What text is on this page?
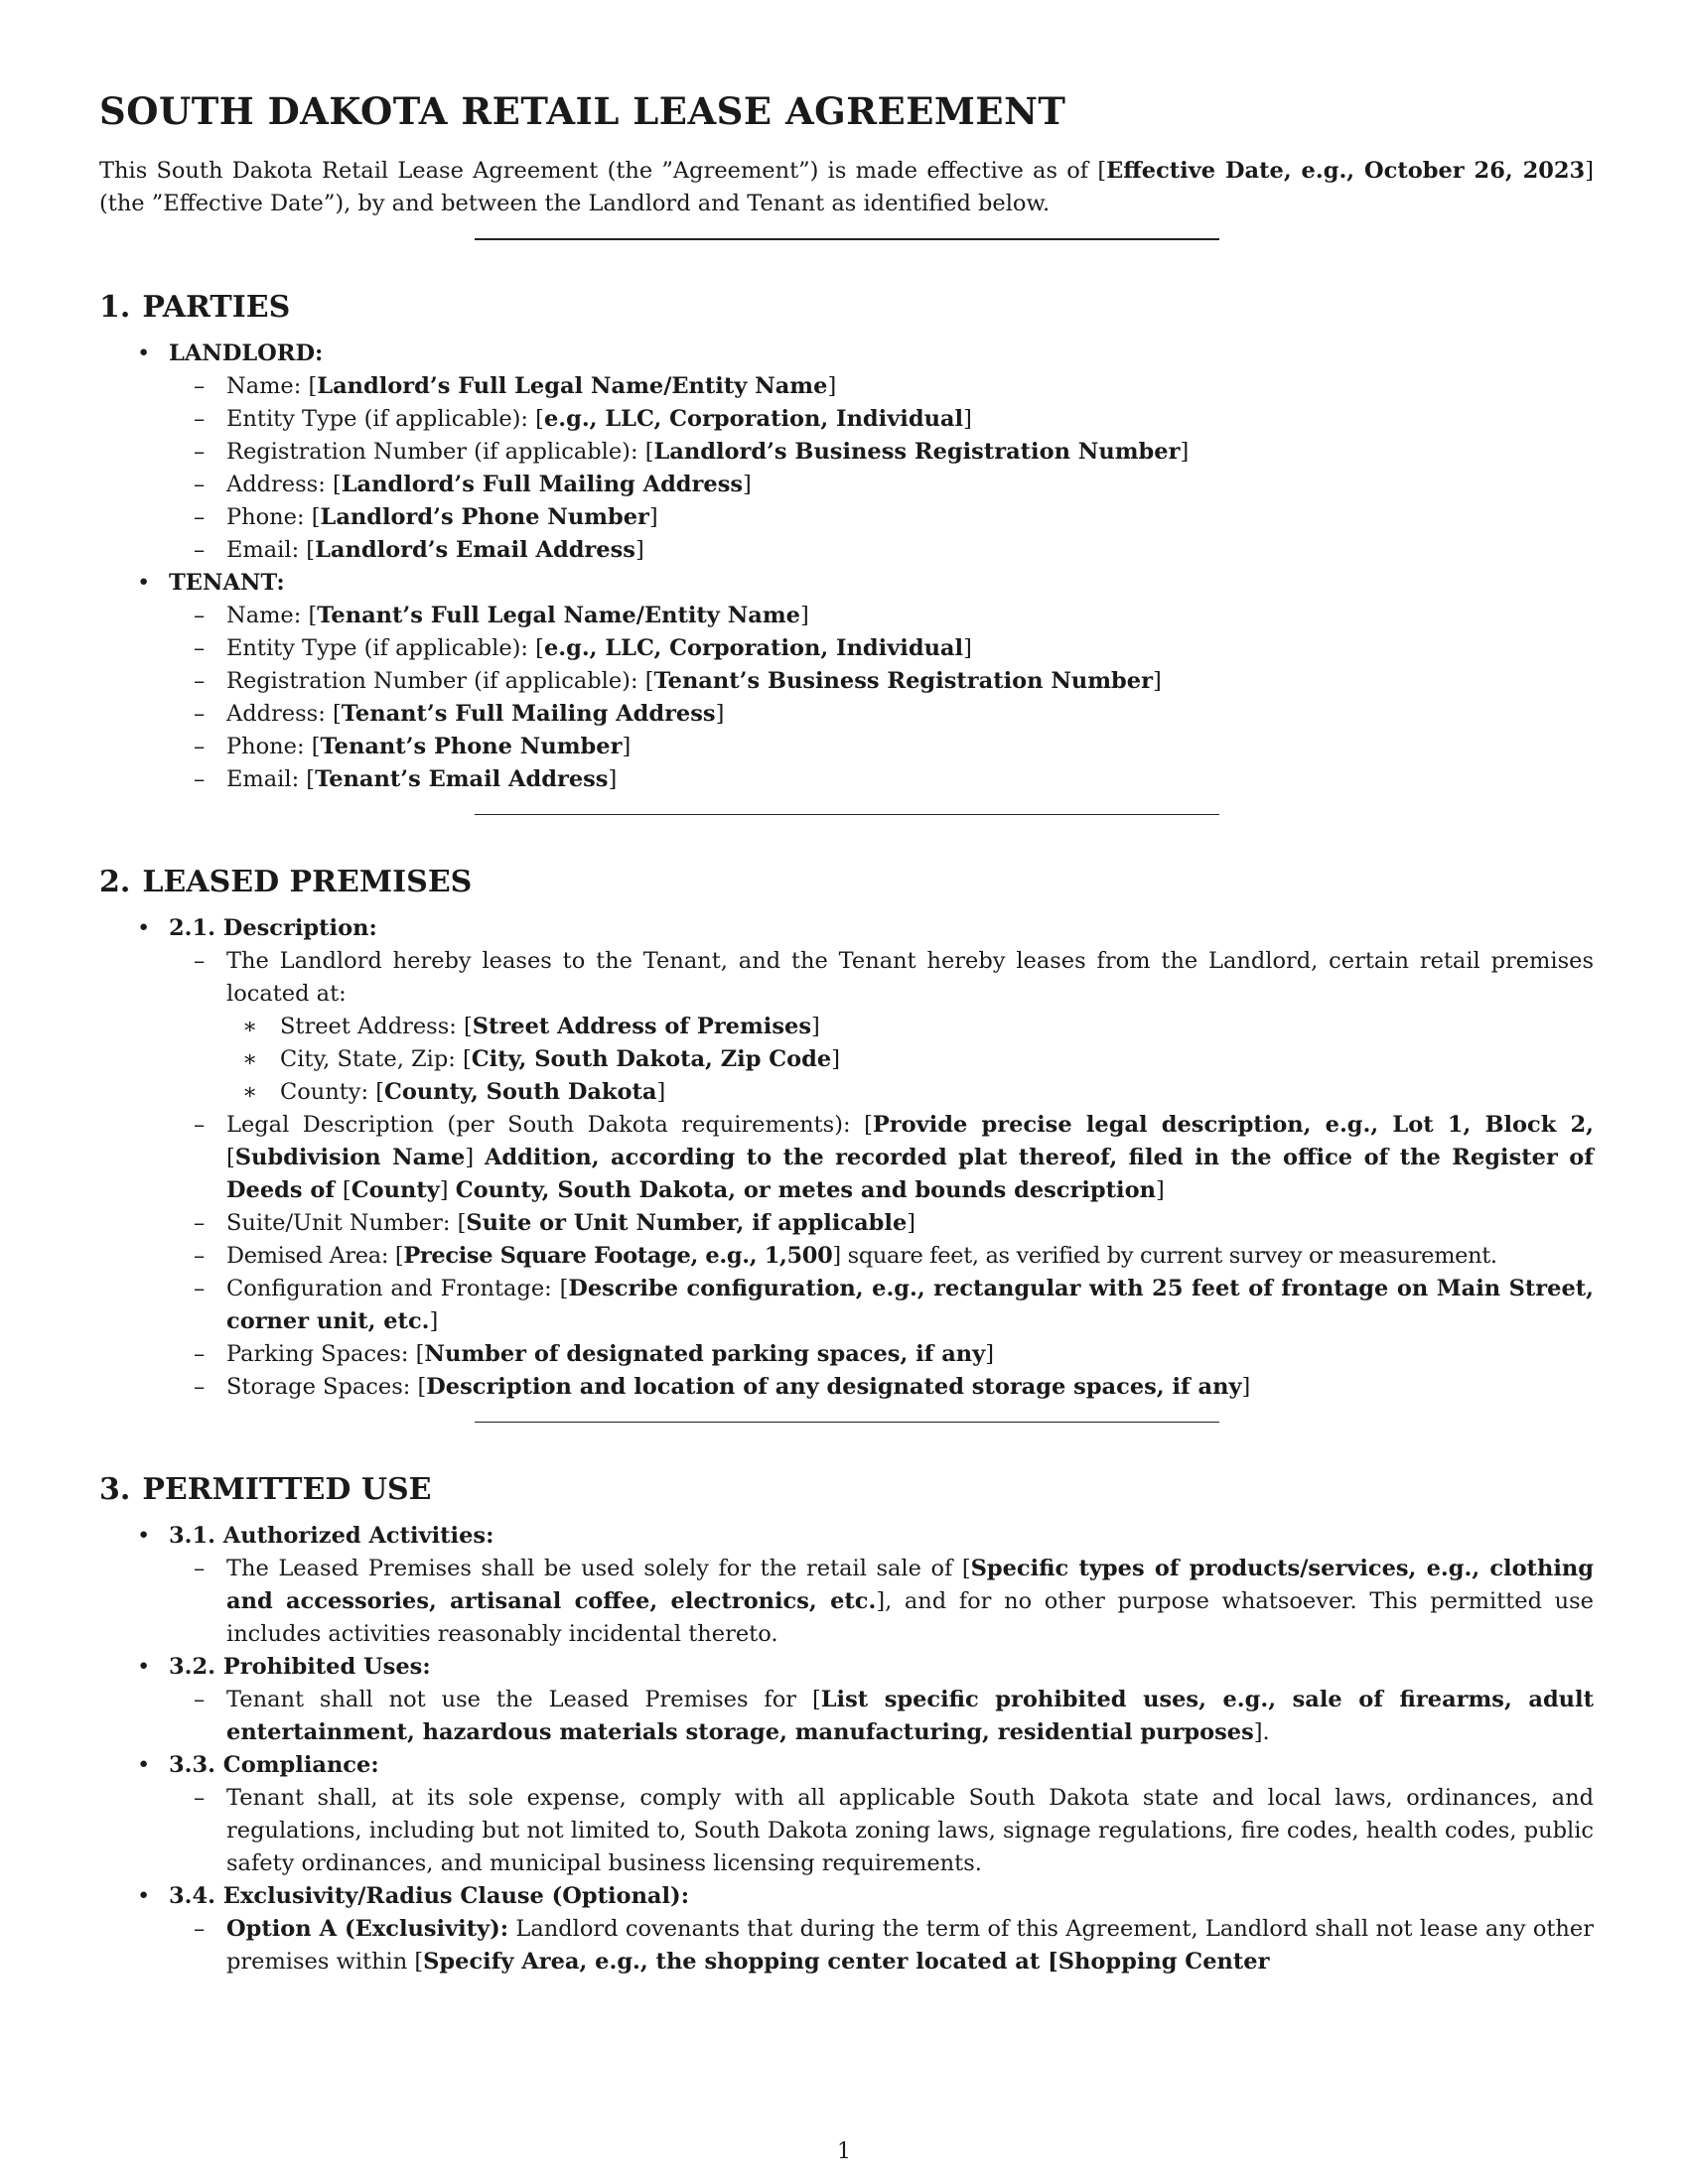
SOUTH DAKOTA RETAIL LEASE AGREEMENT

This South Dakota Retail Lease Agreement (the ”Agreement”) is made effective as of [Effective Date, e.g., October 26, 2023] (the ”Effective Date”), by and between the Landlord and Tenant as identified below.

1. PARTIES
• LANDLORD:
– Name: [Landlord’s Full Legal Name/Entity Name]
– Entity Type (if applicable): [e.g., LLC, Corporation, Individual]
– Registration Number (if applicable): [Landlord’s Business Registration Number]
– Address: [Landlord’s Full Mailing Address]
– Phone: [Landlord’s Phone Number]
– Email: [Landlord’s Email Address]
• TENANT:
– Name: [Tenant’s Full Legal Name/Entity Name]
– Entity Type (if applicable): [e.g., LLC, Corporation, Individual]
– Registration Number (if applicable): [Tenant’s Business Registration Number]
– Address: [Tenant’s Full Mailing Address]
– Phone: [Tenant’s Phone Number]
– Email: [Tenant’s Email Address]
2. LEASED PREMISES
• 2.1. Description:
– The Landlord hereby leases to the Tenant, and the Tenant hereby leases from the Landlord, certain retail premises located at:
∗ Street Address: [Street Address of Premises]
∗ City, State, Zip: [City, South Dakota, Zip Code]
∗ County: [County, South Dakota]
– Legal Description (per South Dakota requirements): [Provide precise legal description, e.g., Lot 1, Block 2, [Subdivision Name] Addition, according to the recorded plat thereof, filed in the office of the Register of Deeds of [County] County, South Dakota, or metes and bounds description]
– Suite/Unit Number: [Suite or Unit Number, if applicable]
– Demised Area: [Precise Square Footage, e.g., 1,500] square feet, as verified by current survey or measurement.
– Configuration and Frontage: [Describe configuration, e.g., rectangular with 25 feet of frontage on Main Street, corner unit, etc.]
– Parking Spaces: [Number of designated parking spaces, if any]
– Storage Spaces: [Description and location of any designated storage spaces, if any]
3. PERMITTED USE
• 3.1. Authorized Activities:
– The Leased Premises shall be used solely for the retail sale of [Specific types of products/services, e.g., clothing and accessories, artisanal coffee, electronics, etc.], and for no other purpose whatsoever. This permitted use includes activities reasonably incidental thereto.
• 3.2. Prohibited Uses:
– Tenant shall not use the Leased Premises for [List specific prohibited uses, e.g., sale of firearms, adult entertainment, hazardous materials storage, manufacturing, residential purposes].
• 3.3. Compliance:
– Tenant shall, at its sole expense, comply with all applicable South Dakota state and local laws, ordinances, and regulations, including but not limited to, South Dakota zoning laws, signage regulations, fire codes, health codes, public safety ordinances, and municipal business licensing requirements.
• 3.4. Exclusivity/Radius Clause (Optional):
– Option A (Exclusivity): Landlord covenants that during the term of this Agreement, Landlord shall not lease any other premises within [Specify Area, e.g., the shopping center located at [Shopping Center
1
